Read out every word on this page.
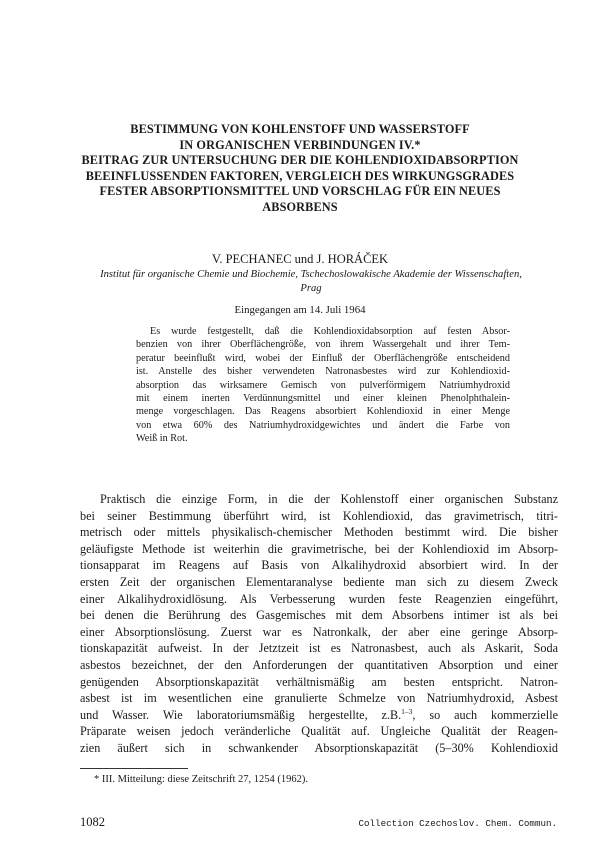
BESTIMMUNG VON KOHLENSTOFF UND WASSERSTOFF
IN ORGANISCHEN VERBINDUNGEN IV.*
BEITRAG ZUR UNTERSUCHUNG DER DIE KOHLENDIOXIDABSORPTION
BEEINFLUSSENDEN FAKTOREN, VERGLEICH DES WIRKUNGSGRADES
FESTER ABSORPTIONSMITTEL UND VORSCHLAG FÜR EIN NEUES
ABSORBENS
V. PECHANEC und J. HORÁČEK
Institut für organische Chemie und Biochemie, Tschechoslowakische Akademie der Wissenschaften,
Prag
Eingegangen am 14. Juli 1964
Es wurde festgestellt, daß die Kohlendioxidabsorption auf festen Absor-
benzien von ihrer Oberflächengröße, von ihrem Wassergehalt und ihrer Tem-
peratur beeinflußt wird, wobei der Einfluß der Oberflächengröße entscheidend
ist. Anstelle des bisher verwendeten Natronasbestes wird zur Kohlendioxid-
absorption das wirksamere Gemisch von pulverförmigem Natriumhydroxid
mit einem inerten Verdünnungsmittel und einer kleinen Phenolphthalein-
menge vorgeschlagen. Das Reagens absorbiert Kohlendioxid in einer Menge
von etwa 60% des Natriumhydroxidgewichtes und ändert die Farbe von
Weiß in Rot.
Praktisch die einzige Form, in die der Kohlenstoff einer organischen Substanz
bei seiner Bestimmung überführt wird, ist Kohlendioxid, das gravimetrisch, titri-
metrisch oder mittels physikalisch-chemischer Methoden bestimmt wird. Die bisher
geläufigste Methode ist weiterhin die gravimetrische, bei der Kohlendioxid im Absorp-
tionsapparat im Reagens auf Basis von Alkalihydroxid absorbiert wird. In der
ersten Zeit der organischen Elementaranalyse bediente man sich zu diesem Zweck
einer Alkalihydroxidlösung. Als Verbesserung wurden feste Reagenzien eingeführt,
bei denen die Berührung des Gasgemisches mit dem Absorbens intimer ist als bei
einer Absorptionslösung. Zuerst war es Natronkalk, der aber eine geringe Absorp-
tionskapazität aufweist. In der Jetztzeit ist es Natronasbest, auch als Askarit, Soda
asbestos bezeichnet, der den Anforderungen der quantitativen Absorption und einer
genügenden Absorptionskapazität verhältnismäßig am besten entspricht. Natron-
asbest ist im wesentlichen eine granulierte Schmelze von Natriumhydroxid, Asbest
und Wasser. Wie laboratoriumsmäßig hergestellte, z.B.$^{1-3}$, so auch kommerzielle
Präparate weisen jedoch veränderliche Qualität auf. Ungleiche Qualität der Reagen-
zien äußert sich in schwankender Absorptionskapazität (5–30% Kohlendioxid
* III. Mitteilung: diese Zeitschrift 27, 1254 (1962).
1082	Collection Czechoslov. Chem. Commun.
